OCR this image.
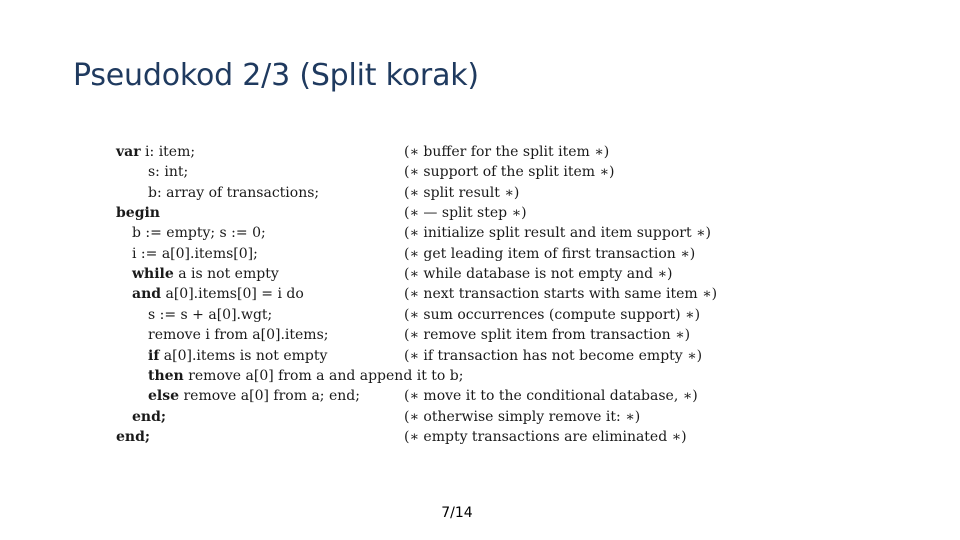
Pseudokod 2/3 (Split korak)
var i: item;	(∗ buffer for the split item ∗)
s: int;	(∗ support of the split item ∗)
b: array of transactions;	(∗ split result ∗)
begin	(∗ — split step ∗)
b := empty; s := 0;	(∗ initialize split result and item support ∗)
i := a[0].items[0];	(∗ get leading item of first transaction ∗)
while a is not empty	(∗ while database is not empty and ∗)
and a[0].items[0] = i do	(∗ next transaction starts with same item ∗)
s := s + a[0].wgt;	(∗ sum occurrences (compute support) ∗)
remove i from a[0].items;	(∗ remove split item from transaction ∗)
if a[0].items is not empty	(∗ if transaction has not become empty ∗)
then remove a[0] from a and append it to b;
else remove a[0] from a; end;	(∗ move it to the conditional database, ∗)
end;	(∗ otherwise simply remove it: ∗)
end;	(∗ empty transactions are eliminated ∗)
7/14
